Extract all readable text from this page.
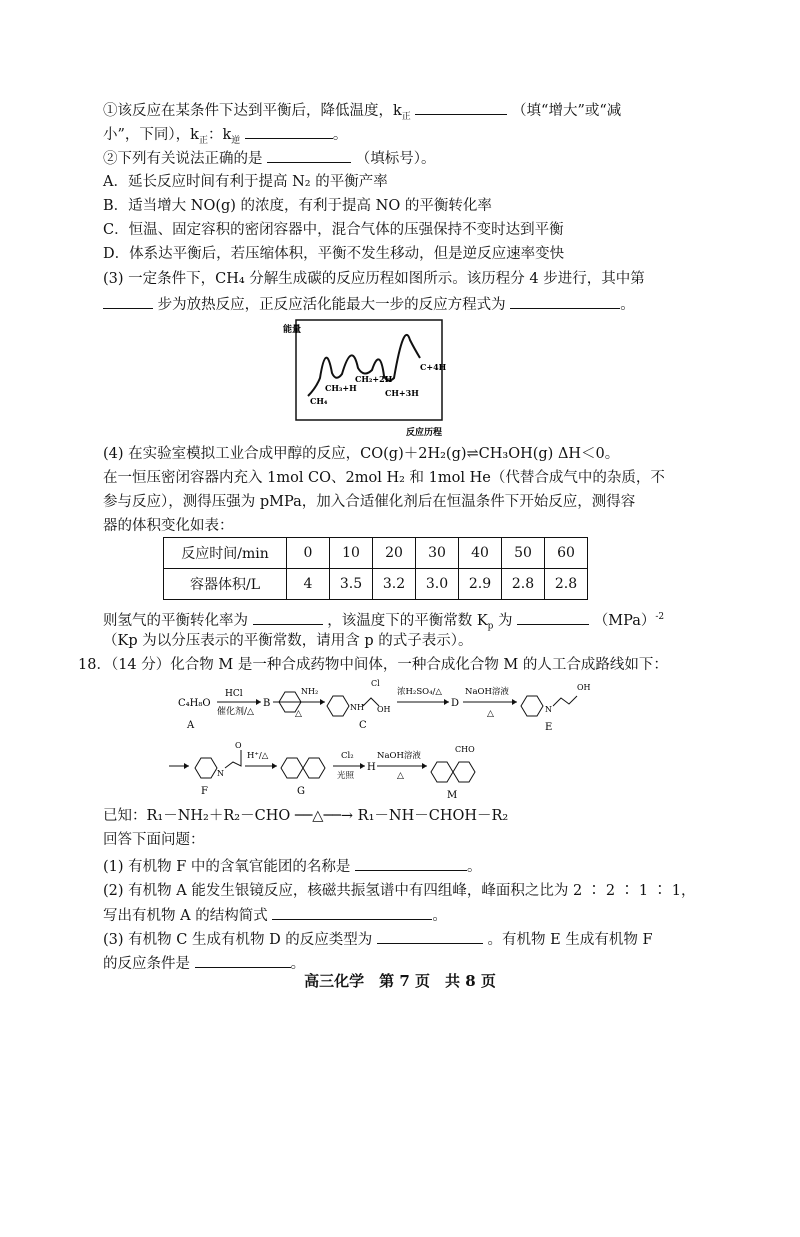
①该反应在某条件下达到平衡后，降低温度，$k_正$	（填“增大”或“减
小”，下同），$k_正$：$k_逆$	。
②下列有关说法正确的是	（填标号）。
A．延长反应时间有利于提高 N₂ 的平衡产率
B．适当增大 NO(g) 的浓度，有利于提高 NO 的平衡转化率
C．恒温、固定容积的密闭容器中，混合气体的压强保持不变时达到平衡
D．体系达平衡后，若压缩体积，平衡不发生移动，但是逆反应速率变快
(3) 一定条件下，CH₄ 分解生成碳的反应历程如图所示。该历程分 4 步进行，其中第
步为放热反应，正反应活化能最大一步的反应方程式为	。
能量
CH₄
CH₃+H
CH₂+2H
CH+3H
C+4H
反应历程
(4) 在实验室模拟工业合成甲醇的反应，CO(g)＋2H₂(g)⇌CH₃OH(g) ΔH＜0。
在一恒压密闭容器内充入 1mol CO、2mol H₂ 和 1mol He（代替合成气中的杂质，不
参与反应），测得压强为 pMPa，加入合适催化剂后在恒温条件下开始反应，测得容
器的体积变化如表：
反应时间/min	0	10	20	30	40	50	60
容器体积/L	4	3.5	3.2	3.0	2.9	2.8	2.8
则氢气的平衡转化率为	，该温度下的平衡常数 $K_p$ 为	（MPa）$^{-2}$
（Kp 为以分压表示的平衡常数，请用含 p 的式子表示）。
18．（14 分）化合物 M 是一种合成药物中间体，一种合成化合物 M 的人工合成路线如下：
C₄H₈O
A
HCl
催化剂/△
B
NH₂
△
NH
Cl
OH
C
浓H₂SO₄/△
D
NaOH溶液
△	N
OH
E
N
O
F
H⁺/△
G
Cl₂
光照
H
NaOH溶液
△
CHO
M
已知：R₁－NH₂＋R₂－CHO ──△──→ R₁－NH－CHOH－R₂
回答下面问题：
(1) 有机物 F 中的含氧官能团的名称是	。
(2) 有机物 A 能发生银镜反应，核磁共振氢谱中有四组峰，峰面积之比为 2 ∶ 2 ∶ 1 ∶ 1，
写出有机物 A 的结构简式	。
(3) 有机物 C 生成有机物 D 的反应类型为	。有机物 E 生成有机物 F
的反应条件是	。
高三化学　第 7 页　共 8 页
